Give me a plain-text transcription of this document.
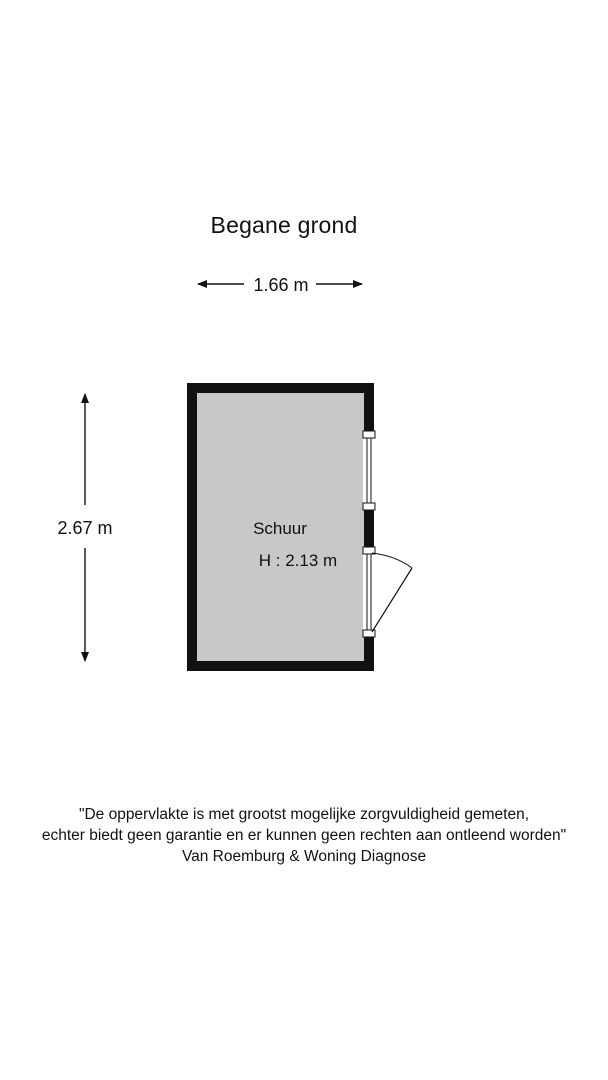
Begane grond
1.66 m
2.67 m	Schuur
H : 2.13 m
"De oppervlakte is met grootst mogelijke zorgvuldigheid gemeten,
echter biedt geen garantie en er kunnen geen rechten aan ontleend worden"
Van Roemburg & Woning Diagnose
